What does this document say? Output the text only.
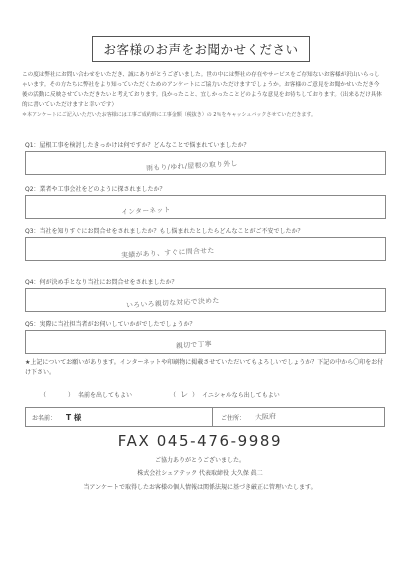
お客様のお声をお聞かせください

この度は弊社にお問い合わせをいただき、誠にありがとうございました。世の中には弊社の存在やサービスをご存知ないお客様が沢山いらっしゃいます。その方たちに弊社をより知っていただくためのアンケートにご協力いただけますでしょうか。お客様のご意見をお聞かせいただき今後の活動に反映させていただきたいと考えております。良かったこと、宜しかったことどのような意見をお待ちしております。（出来るだけ具体的に書いていただけますと幸いです）

＊本アンケートにご記入いただいたお客様には工事ご成約時に工事金額（税抜き）の 2％をキャッシュバックさせていただきます。

Q1：屋根工事を検討したきっかけは何ですか？どんなことで悩まれていましたか？
雨もり/ゆれ/屋根の取り外し
Q2：業者や工事会社をどのように探されましたか？
インターネット
Q3：当社を知りすぐにお問合せをされましたか？もし悩まれたとしたらどんなことがご不安でしたか？
実績があり、すぐに問合せた
Q4：何が決め手となり当社にお問合せをされましたか？
いろいろ親切な対応で決めた
Q5：実際に当社担当者がお伺いしていかがでしたでしょうか？
親切で丁寧
★上記についてお願いがあります。インターネットや印刷物に掲載させていただいてもよろしいでしょうか？下記の中から〇印をお付け下さい。
（	） 名前を出してもよい	（ レ ） イニシャルなら出してもよい
お名前： T 様	ご住所： 大阪府
FAX 045-476-9989
ご協力ありがとうございました。
株式会社シェアテック 代表取締役 大久保 眞二
当アンケートで取得したお客様の個人情報は関係法規に基づき厳正に管理いたします。
